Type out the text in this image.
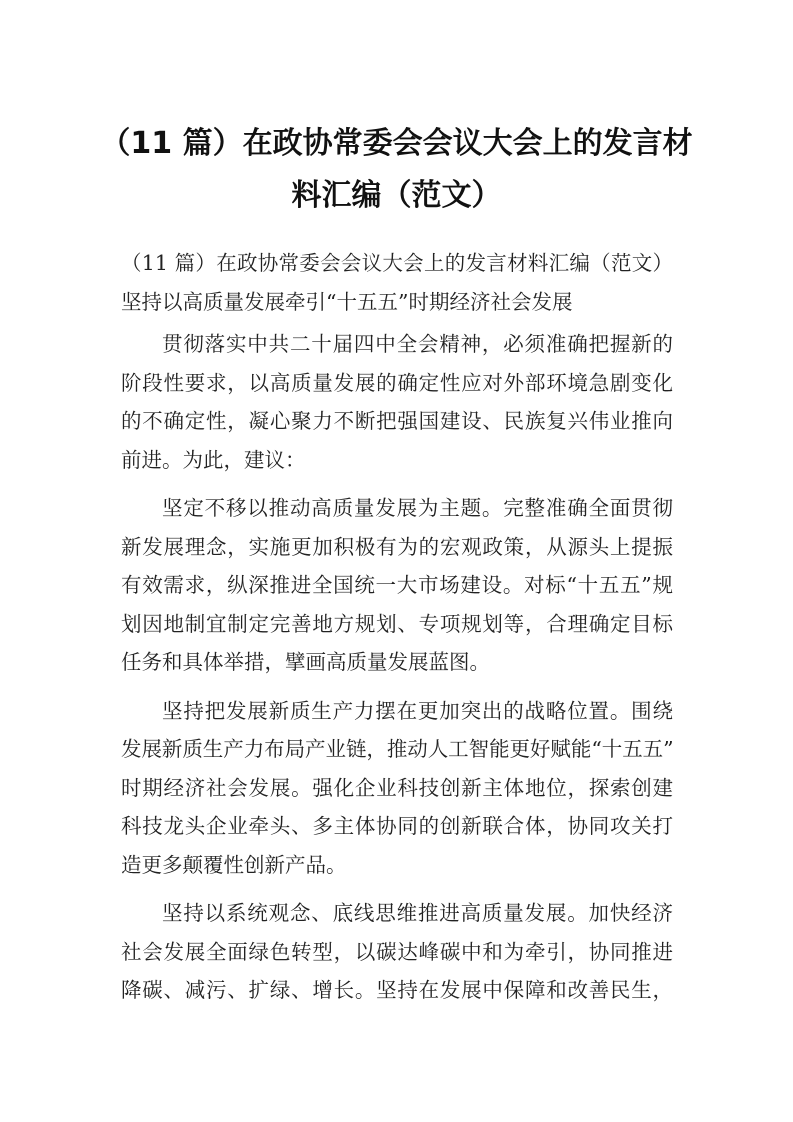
（11 篇）在政协常委会会议大会上的发言材
料汇编（范文）
（11 篇）在政协常委会会议大会上的发言材料汇编（范文）
坚持以高质量发展牵引“十五五”时期经济社会发展
贯彻落实中共二十届四中全会精神，必须准确把握新的
阶段性要求，以高质量发展的确定性应对外部环境急剧变化
的不确定性，凝心聚力不断把强国建设、民族复兴伟业推向
前进。为此，建议：
坚定不移以推动高质量发展为主题。完整准确全面贯彻
新发展理念，实施更加积极有为的宏观政策，从源头上提振
有效需求，纵深推进全国统一大市场建设。对标“十五五”规
划因地制宜制定完善地方规划、专项规划等，合理确定目标
任务和具体举措，擘画高质量发展蓝图。
坚持把发展新质生产力摆在更加突出的战略位置。围绕
发展新质生产力布局产业链，推动人工智能更好赋能“十五五”
时期经济社会发展。强化企业科技创新主体地位，探索创建
科技龙头企业牵头、多主体协同的创新联合体，协同攻关打
造更多颠覆性创新产品。
坚持以系统观念、底线思维推进高质量发展。加快经济
社会发展全面绿色转型，以碳达峰碳中和为牵引，协同推进
降碳、减污、扩绿、增长。坚持在发展中保障和改善民生，
